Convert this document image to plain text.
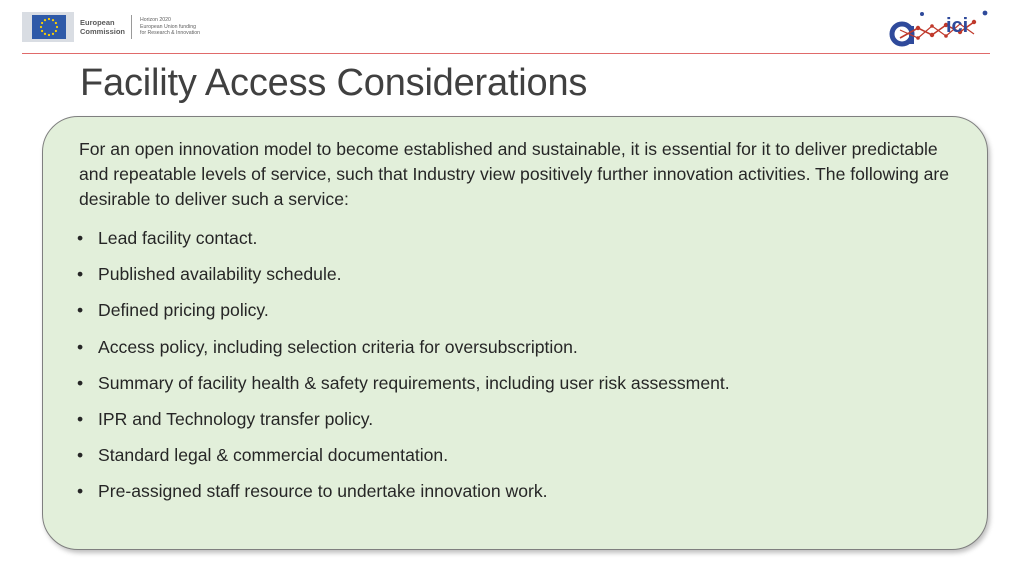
European
Commission
Horizon 2020
European Union funding
for Research & Innovation	ici
Facility Access Considerations

For an open innovation model to become established and sustainable, it is essential for it to deliver predictable and repeatable levels of service, such that Industry view positively further innovation activities. The following are desirable to deliver such a service:

• Lead facility contact.
• Published availability schedule.
• Defined pricing policy.
• Access policy, including selection criteria for oversubscription.
• Summary of facility health & safety requirements, including user risk assessment.
• IPR and Technology transfer policy.
• Standard legal & commercial documentation.
• Pre-assigned staff resource to undertake innovation work.
